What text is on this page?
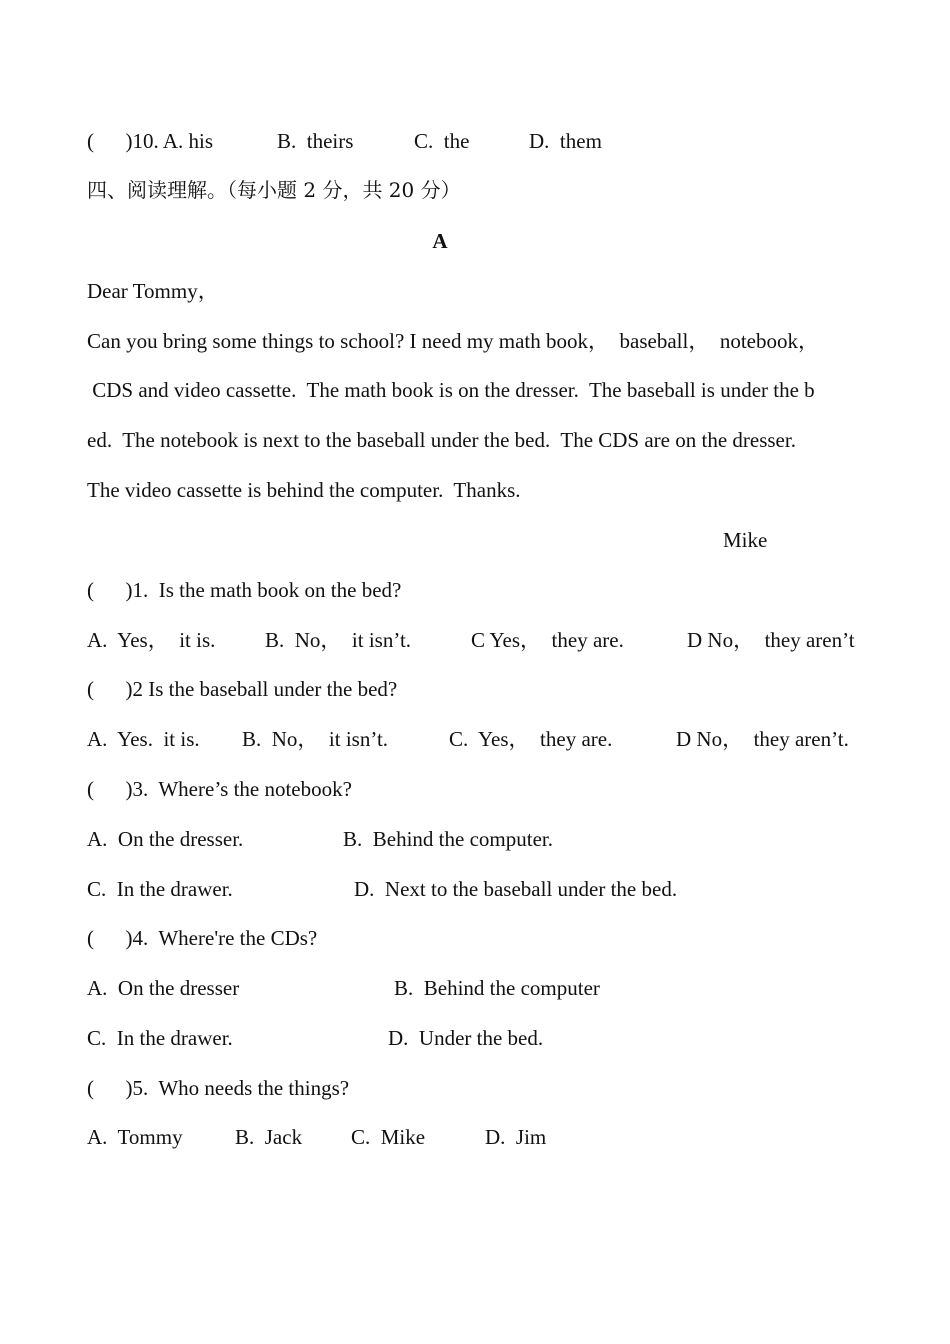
(      )10. A. his

	B.  theirs

	C.  the

	D.  them

四、阅读理解。（每小题 2 分，共 20 分）
A
Dear Tommy，
Can you bring some things to school? I need my math book，  baseball，  notebook，
CDS and video cassette.  The math book is on the dresser.  The baseball is under the b
ed.  The notebook is next to the baseball under the bed.  The CDS are on the dresser.
The video cassette is behind the computer.  Thanks.
Mike
(      )1.  Is the math book on the bed?

A.  Yes，  it is.

B.  No，  it isn’t.

	C Yes，  they are.

	D No，  they aren’t

(      )2 Is the baseball under the bed?

A.  Yes.  it is.

B.  No，  it isn’t.

	C.  Yes，  they are.

	D No，  they aren’t.

(      )3.  Where’s the notebook?

A.  On the dresser.

	B.  Behind the computer.

C.  In the drawer.

	D.  Next to the baseball under the bed.

(      )4.  Where're the CDs?

A.  On the dresser

	B.  Behind the computer

C.  In the drawer.

	D.  Under the bed.

(      )5.  Who needs the things?

A.  Tommy

B.  Jack

C.  Mike

	D.  Jim
